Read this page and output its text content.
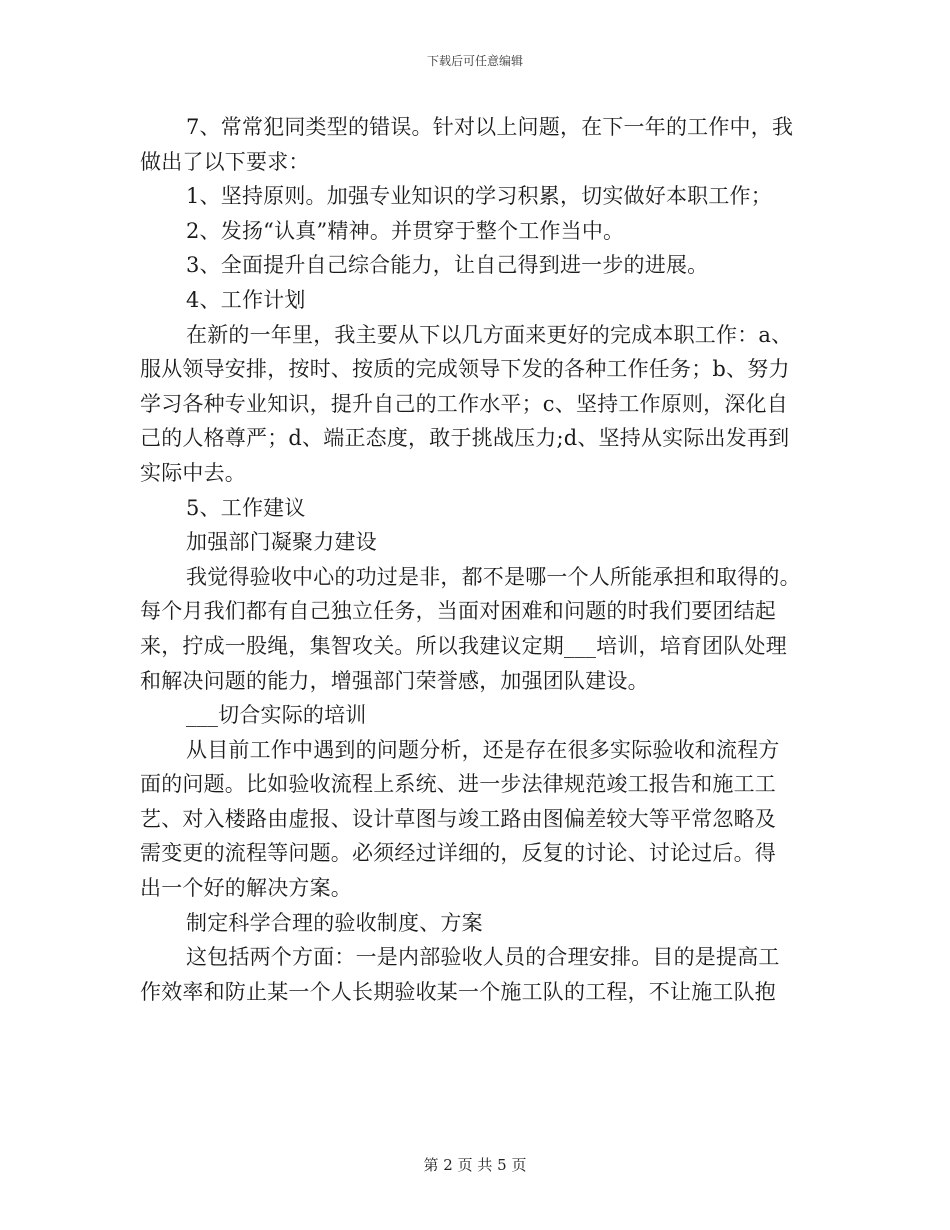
下载后可任意编辑
7、常常犯同类型的错误。针对以上问题，在下一年的工作中，我
做出了以下要求：
1、坚持原则。加强专业知识的学习积累，切实做好本职工作；
2、发扬“认真”精神。并贯穿于整个工作当中。
3、全面提升自己综合能力，让自己得到进一步的进展。
4、工作计划
在新的一年里，我主要从下以几方面来更好的完成本职工作：a、
服从领导安排，按时、按质的完成领导下发的各种工作任务；b、努力
学习各种专业知识，提升自己的工作水平；c、坚持工作原则，深化自
己的人格尊严；d、端正态度，敢于挑战压力;d、坚持从实际出发再到
实际中去。
5、工作建议
加强部门凝聚力建设
我觉得验收中心的功过是非，都不是哪一个人所能承担和取得的。
每个月我们都有自己独立任务，当面对困难和问题的时我们要团结起
来，拧成一股绳，集智攻关。所以我建议定期___培训，培育团队处理
和解决问题的能力，增强部门荣誉感，加强团队建设。
___切合实际的培训
从目前工作中遇到的问题分析，还是存在很多实际验收和流程方
面的问题。比如验收流程上系统、进一步法律规范竣工报告和施工工
艺、对入楼路由虚报、设计草图与竣工路由图偏差较大等平常忽略及
需变更的流程等问题。必须经过详细的，反复的讨论、讨论过后。得
出一个好的解决方案。
制定科学合理的验收制度、方案
这包括两个方面：一是内部验收人员的合理安排。目的是提高工
作效率和防止某一个人长期验收某一个施工队的工程，不让施工队抱
第 2 页 共 5 页
